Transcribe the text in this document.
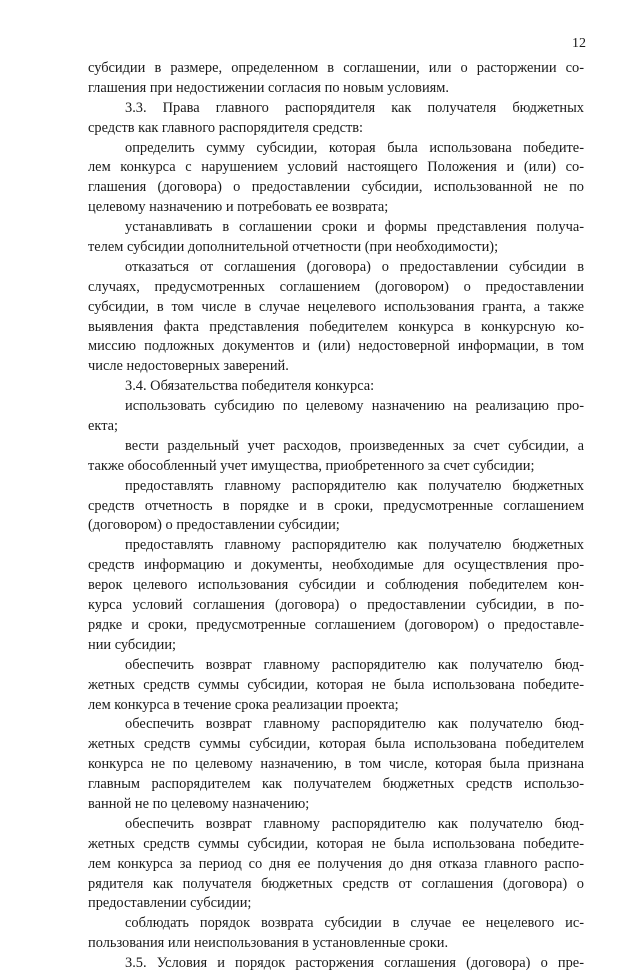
12
субсидии в размере, определенном в соглашении, или о расторжении со-
глашения при недостижении согласия по новым условиям.
3.3. Права главного распорядителя как получателя бюджетных
средств как главного распорядителя средств:
определить сумму субсидии, которая была использована победите-
лем конкурса с нарушением условий настоящего Положения и (или) со-
глашения (договора) о предоставлении субсидии, использованной не по
целевому назначению и потребовать ее возврата;
устанавливать в соглашении сроки и формы представления получа-
телем субсидии дополнительной отчетности (при необходимости);
отказаться от соглашения (договора) о предоставлении субсидии в
случаях, предусмотренных соглашением (договором) о предоставлении
субсидии, в том числе в случае нецелевого использования гранта, а также
выявления факта представления победителем конкурса в конкурсную ко-
миссию подложных документов и (или) недостоверной информации, в том
числе недостоверных заверений.
3.4. Обязательства победителя конкурса:
использовать субсидию по целевому назначению на реализацию про-
екта;
вести раздельный учет расходов, произведенных за счет субсидии, а
также обособленный учет имущества, приобретенного за счет субсидии;
предоставлять главному распорядителю как получателю бюджетных
средств отчетность в порядке и в сроки, предусмотренные соглашением
(договором) о предоставлении субсидии;
предоставлять главному распорядителю как получателю бюджетных
средств информацию и документы, необходимые для осуществления про-
верок целевого использования субсидии и соблюдения победителем кон-
курса условий соглашения (договора) о предоставлении субсидии, в по-
рядке и сроки, предусмотренные соглашением (договором) о предоставле-
нии субсидии;
обеспечить возврат главному распорядителю как получателю бюд-
жетных средств суммы субсидии, которая не была использована победите-
лем конкурса в течение срока реализации проекта;
обеспечить возврат главному распорядителю как получателю бюд-
жетных средств суммы субсидии, которая была использована победителем
конкурса не по целевому назначению, в том числе, которая была признана
главным распорядителем как получателем бюджетных средств использо-
ванной не по целевому назначению;
обеспечить возврат главному распорядителю как получателю бюд-
жетных средств суммы субсидии, которая не была использована победите-
лем конкурса за период со дня ее получения до дня отказа главного распо-
рядителя как получателя бюджетных средств от соглашения (договора) о
предоставлении субсидии;
соблюдать порядок возврата субсидии в случае ее нецелевого ис-
пользования или неиспользования в установленные сроки.
3.5. Условия и порядок расторжения соглашения (договора) о пре-
